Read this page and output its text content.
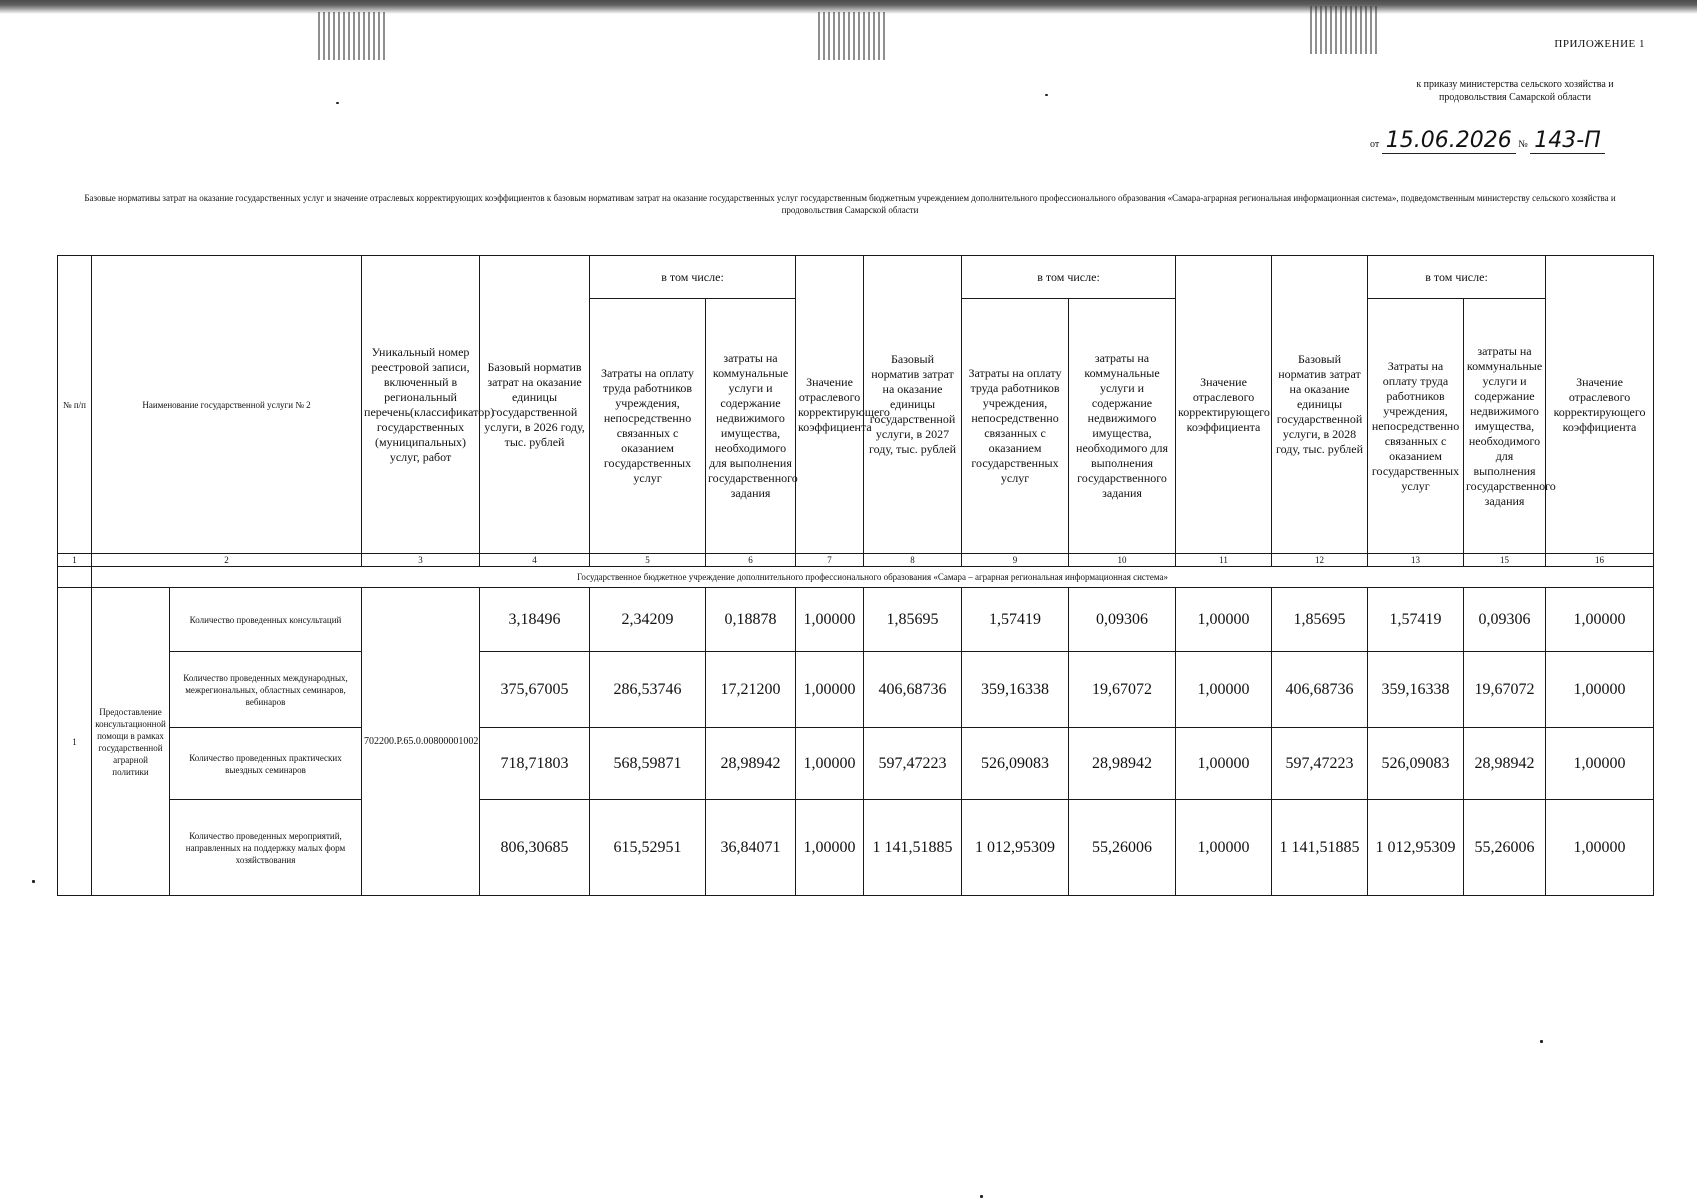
ПРИЛОЖЕНИЕ 1
к приказу министерства сельского хозяйства и продовольствия Самарской области
от 15.06.2026 № 143-П
Базовые нормативы затрат на оказание государственных услуг и значение отраслевых корректирующих коэффициентов к базовым нормативам затрат на оказание государственных услуг государственным бюджетным учреждением дополнительного профессионального образования «Самара-аграрная региональная информационная система», подведомственным министерству сельского хозяйства и продовольствия Самарской области
№ п/п	Наименование государственной услуги № 2		Уникальный номер реестровой записи, включенный в региональный перечень(классификатор) государственных (муниципальных) услуг, работ	Базовый норматив затрат на оказание единицы государственной услуги, в 2026 году, тыс. рублей	в том числе:		Значение отраслевого корректирующего коэффициента	Базовый норматив затрат на оказание единицы государственной услуги, в 2027 году, тыс. рублей	в том числе:		Значение отраслевого корректирующего коэффициента	Базовый норматив затрат на оказание единицы государственной услуги, в 2028 году, тыс. рублей	в том числе:		Значение отраслевого корректирующего коэффициента
					Затраты на оплату труда работников учреждения, непосредственно связанных с оказанием государственных услуг	затраты на коммунальные услуги и содержание недвижимого имущества, необходимого для выполнения государственного задания			Затраты на оплату труда работников учреждения, непосредственно связанных с оказанием государственных услуг	затраты на коммунальные услуги и содержание недвижимого имущества, необходимого для выполнения государственного задания			Затраты на оплату труда работников учреждения, непосредственно связанных с оказанием государственных услуг	затраты на коммунальные услуги и содержание недвижимого имущества, необходимого для выполнения государственного задания	
1	2		3	4	5	6	7	8	9	10	11	12	13	15	16
	Государственное бюджетное учреждение дополнительного профессионального образования «Самара – аграрная региональная информационная система»														
1	Предоставление консультационной помощи в рамках государственной аграрной политики	Количество проведенных консультаций	702200.Р.65.0.00800001002	3,18496	2,34209	0,18878	1,00000	1,85695	1,57419	0,09306	1,00000	1,85695	1,57419	0,09306	1,00000
		Количество проведенных международных, межрегиональных, областных семинаров, вебинаров		375,67005	286,53746	17,21200	1,00000	406,68736	359,16338	19,67072	1,00000	406,68736	359,16338	19,67072	1,00000
		Количество проведенных практических выездных семинаров		718,71803	568,59871	28,98942	1,00000	597,47223	526,09083	28,98942	1,00000	597,47223	526,09083	28,98942	1,00000
		Количество проведенных мероприятий, направленных на поддержку малых форм хозяйствования		806,30685	615,52951	36,84071	1,00000	1 141,51885	1 012,95309	55,26006	1,00000	1 141,51885	1 012,95309	55,26006	1,00000
